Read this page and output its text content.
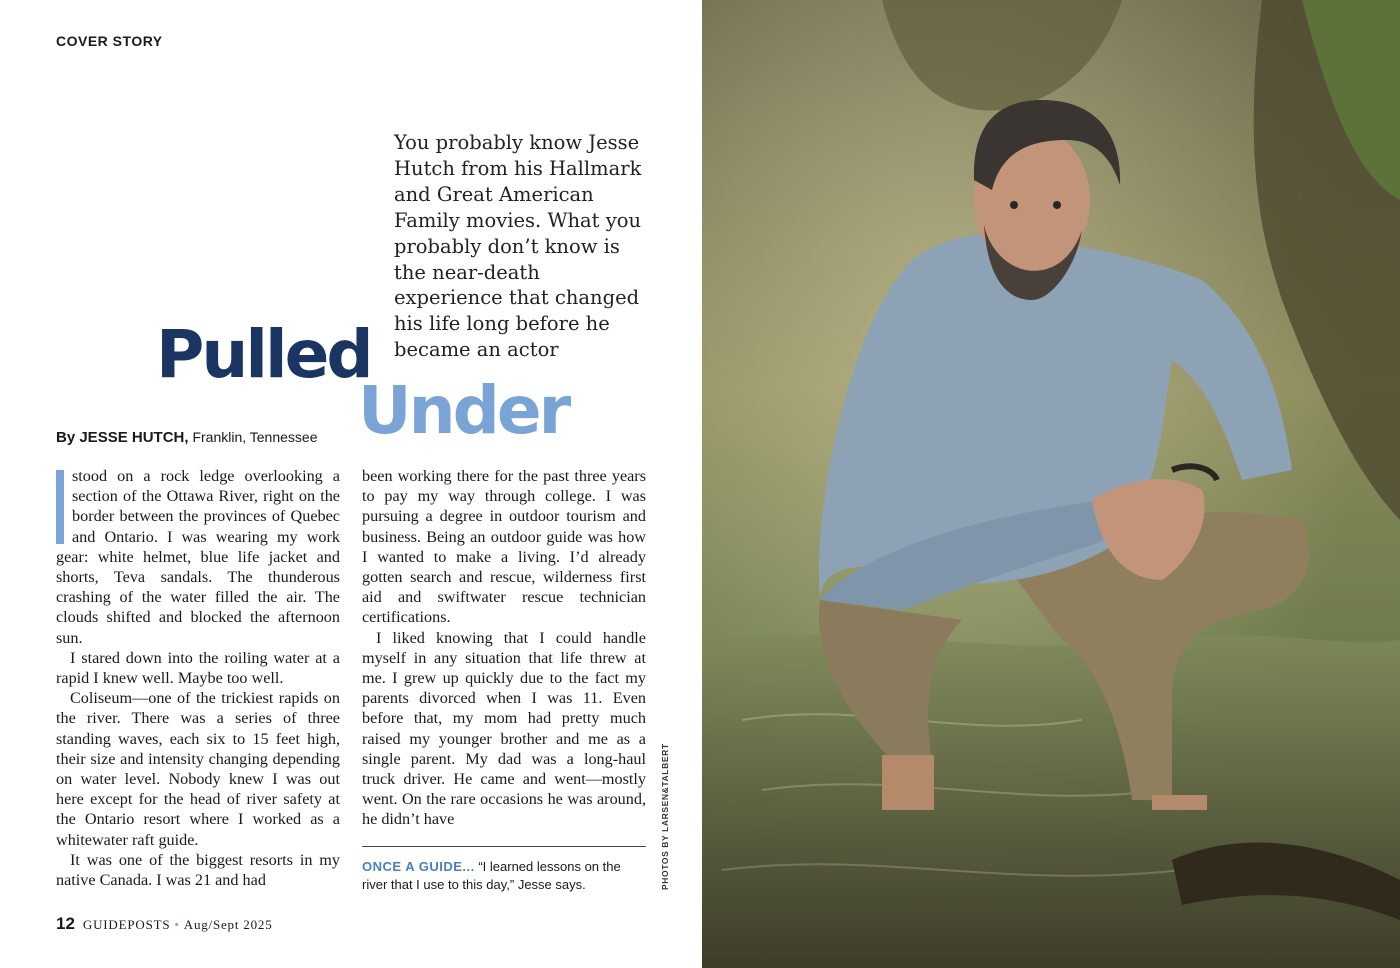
COVER STORY
You probably know Jesse Hutch from his Hallmark and Great American Family movies. What you probably don’t know is the near-death experience that changed his life long before he became an actor
Pulled
Under
By JESSE HUTCH, Franklin, Tennessee

stood on a rock ledge overlooking a section of the Ottawa River, right on the border between the provinces of Quebec and Ontario. I was wearing my work gear: white helmet, blue life jacket and shorts, Teva sandals. The thunderous crashing of the water filled the air. The clouds shifted and blocked the afternoon sun.

I stared down into the roiling water at a rapid I knew well. Maybe too well.

Coliseum—one of the trickiest rapids on the river. There was a series of three standing waves, each six to 15 feet high, their size and intensity changing depending on water level. Nobody knew I was out here except for the head of river safety at the Ontario resort where I worked as a whitewater raft guide.

It was one of the biggest resorts in my native Canada. I was 21 and had

been working there for the past three years to pay my way through college. I was pursuing a degree in outdoor tourism and business. Being an outdoor guide was how I wanted to make a living. I’d already gotten search and rescue, wilderness first aid and swiftwater rescue technician certifications.

I liked knowing that I could handle myself in any situation that life threw at me. I grew up quickly due to the fact my parents divorced when I was 11. Even before that, my mom had pretty much raised my younger brother and me as a single parent. My dad was a long-haul truck driver. He came and went—mostly went. On the rare occasions he was around, he didn’t have

ONCE A GUIDE... “I learned lessons on the river that I use to this day,” Jesse says.
12 GUIDEPOSTS • Aug/Sept 2025
PHOTOS BY LARSEN&TALBERT
